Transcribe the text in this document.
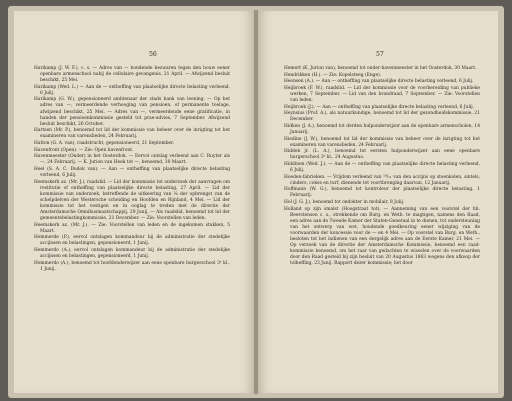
56

Harikamp (J. W. F.), c. s. — Adres van — bondende bezwaren tegen den bouw eener openbare armenschool nabij de cellulaire gevangenis, 21 April. — Afwijzend besluit beschikt, 25 Mei.

Harikamp (Wed. L.) — Aan de — ontheffing van plaatselijke directe belasting verleend, 6 Julij.

Harikamp (G. W.), gepensioneerd ambtenaar der stads bank van leening. — Op het adres van —, vermeerdende verhooging van pensioen, of permanente toelage, afwijzend beschikt, 25 Mei. — Adres van —, vermeerdende eene gratificatie, in handen der pensioenkommissie gesteld tot prae-advies, 7 September. Afwijzend besluit beschikt, 26 October.

Hartsen (Mr. P.), benoemd tot lid der kommissie van beheer over de inrigting tot het examineren van varenslieden, 24 Februarij.

Hatton (G. A. van), raadstrucht, gepensioneerd, 21 September.

Havenfront (Open). — Zie: Open havenfront.

Havenmeester (Onder) in het Oosterdok. — Eervol ontslag verleend aan C. Ruyter als —, 24 Februarij. — K. Jurion van Heek tot —, benoemd, 30 Maart.

Heel (S. A. C. Dudok van). — Aan — ontheffing van plaatselijke directe belasting verleend, 6 Julij.

Heemskerk az. (Mr. J.), raadslid. — Lid der kommissie tot onderzoek der aanvragen om restitutie of ontheffing van plaatselijke directe belasting, 27 April. — Lid der kommissie van onderzoek, betreffende de uitkeering van ¼ der opbrengst van de schelpdelven der Westersche scheiding en Hoofden en Rijnland, 4 Mei. — Lid der kommissie tot het vestigen en in ooglag te treden met de directie der Amsterdamsche Omnibusmaatschappij, 29 Junij. — Als raadslid, benoemd tot lid der gemeentebelastingkommissie, 21 December. — Zie: Voorstellen van leden.

Heemskerk az. (Mr. J.). — Zie: Voorstellen van leden en de ingekomen stukken, 5 Maart.

Hemmerde (P.), eervol ontslagen kommandeur bij de administratie der stedelijke accijnsen en belastingen, gepensioneerd, 1 Junij.

Hemmerdo (A.), eervol ontslagen kommandeur bij de administratie der stedelijke accijnsen en belastingen, gepensioneerd, 1 Junij.

Hemmerdo (A.), benoemd tot hoofdonderwijzer aan eene openbare burgerschool 3ᵉ kl., 1 Junij.

57

Hemert (K. Jurion van), benoemd tot onder-havenmeester in het Oosterdok, 30 Maart.

Hendrikken (H.). — Zie: Kopelsteeg (Enge).

Heonsen (A.). — Aan — ontheffing van plaatselijke directe belasting verleend, 6 Julij.

Heijbroek (F. W.), raadslid. — Lid der kommissie voor de voorbereiding van publieke werken, 7 September. — Lid van den brandraad, 7 September. — Zie: Voorstellen van leden.

Heijbroek (J.). — Aan — ontheffing van plaatselijke directe belasting verleend, 6 Julij.

Heynsius (Prof. A.), als natuurkundige, benoemd tot lid der gezondheidskommissie, 21 December.

Hidken (J. A.), benoemd tot derden hulponderwijzer aan de openbare armenscholen, 14 Januarij.

Hiedine (J. W.), benoemd tot lid der kommissie van beheer over de inrigting tot het examineren van varenslieden, 24 Februarij.

Hiddek jr. (L. A.), benoemd tot eersten hulponderwijzer aan eene openbare burgerschool 3ᵉ kl., 24 Augustus.

Hiddinen (Wed. J.). — Aan de — ontheffing van plaatselijke directe belasting verleend, 6 Julij.

Hoeden-fabrieken. — Vrijdom verleend van ¹⁰/₁₁ van den accijns op steenkolen, sintels, cinders, cokes en turf, dienende tot voortbrenging daarvan, 12 Januarij.

Hoffmann (W. G.), benoemd tot kontroleur der plaatselijke directe belasting, 1 Februarij.

Hol (J. G. J.), benoemd tot ondokter in mobilair, 8 Julij.

Holland op zijn smalst (Hoogstraat tot). — Aanneming van een voorstel der hh. Beerstensen c. s., strekkende om Burg. en Weth. te magtigen, namens den Raad, een adres aan de Tweede Kamer der Staten-Generaal in te dienen, tot ondersteuning van het ontwerp van wet, houdende goedkeuring eener wijziging van de voorwaarden der koncessie voor de — en 4 Mei. — Op voorstel van Burg. en Weth., besloten tot het indienen van een dergelijk adres aan de Eerste Kamer, 21 Mei. — Op verzoek van de directie der Amsterdamsche Kommissie, benoemd een raad-kommissie benoemd, om het raar van gedachten te wisselen over de voorwaarden door den Raad gesteld bij zijn besluit van 20 Augustus 1863 wegens den afkoop der tolheffing, 23 Junij. Rapport dezer kommissie; het door
